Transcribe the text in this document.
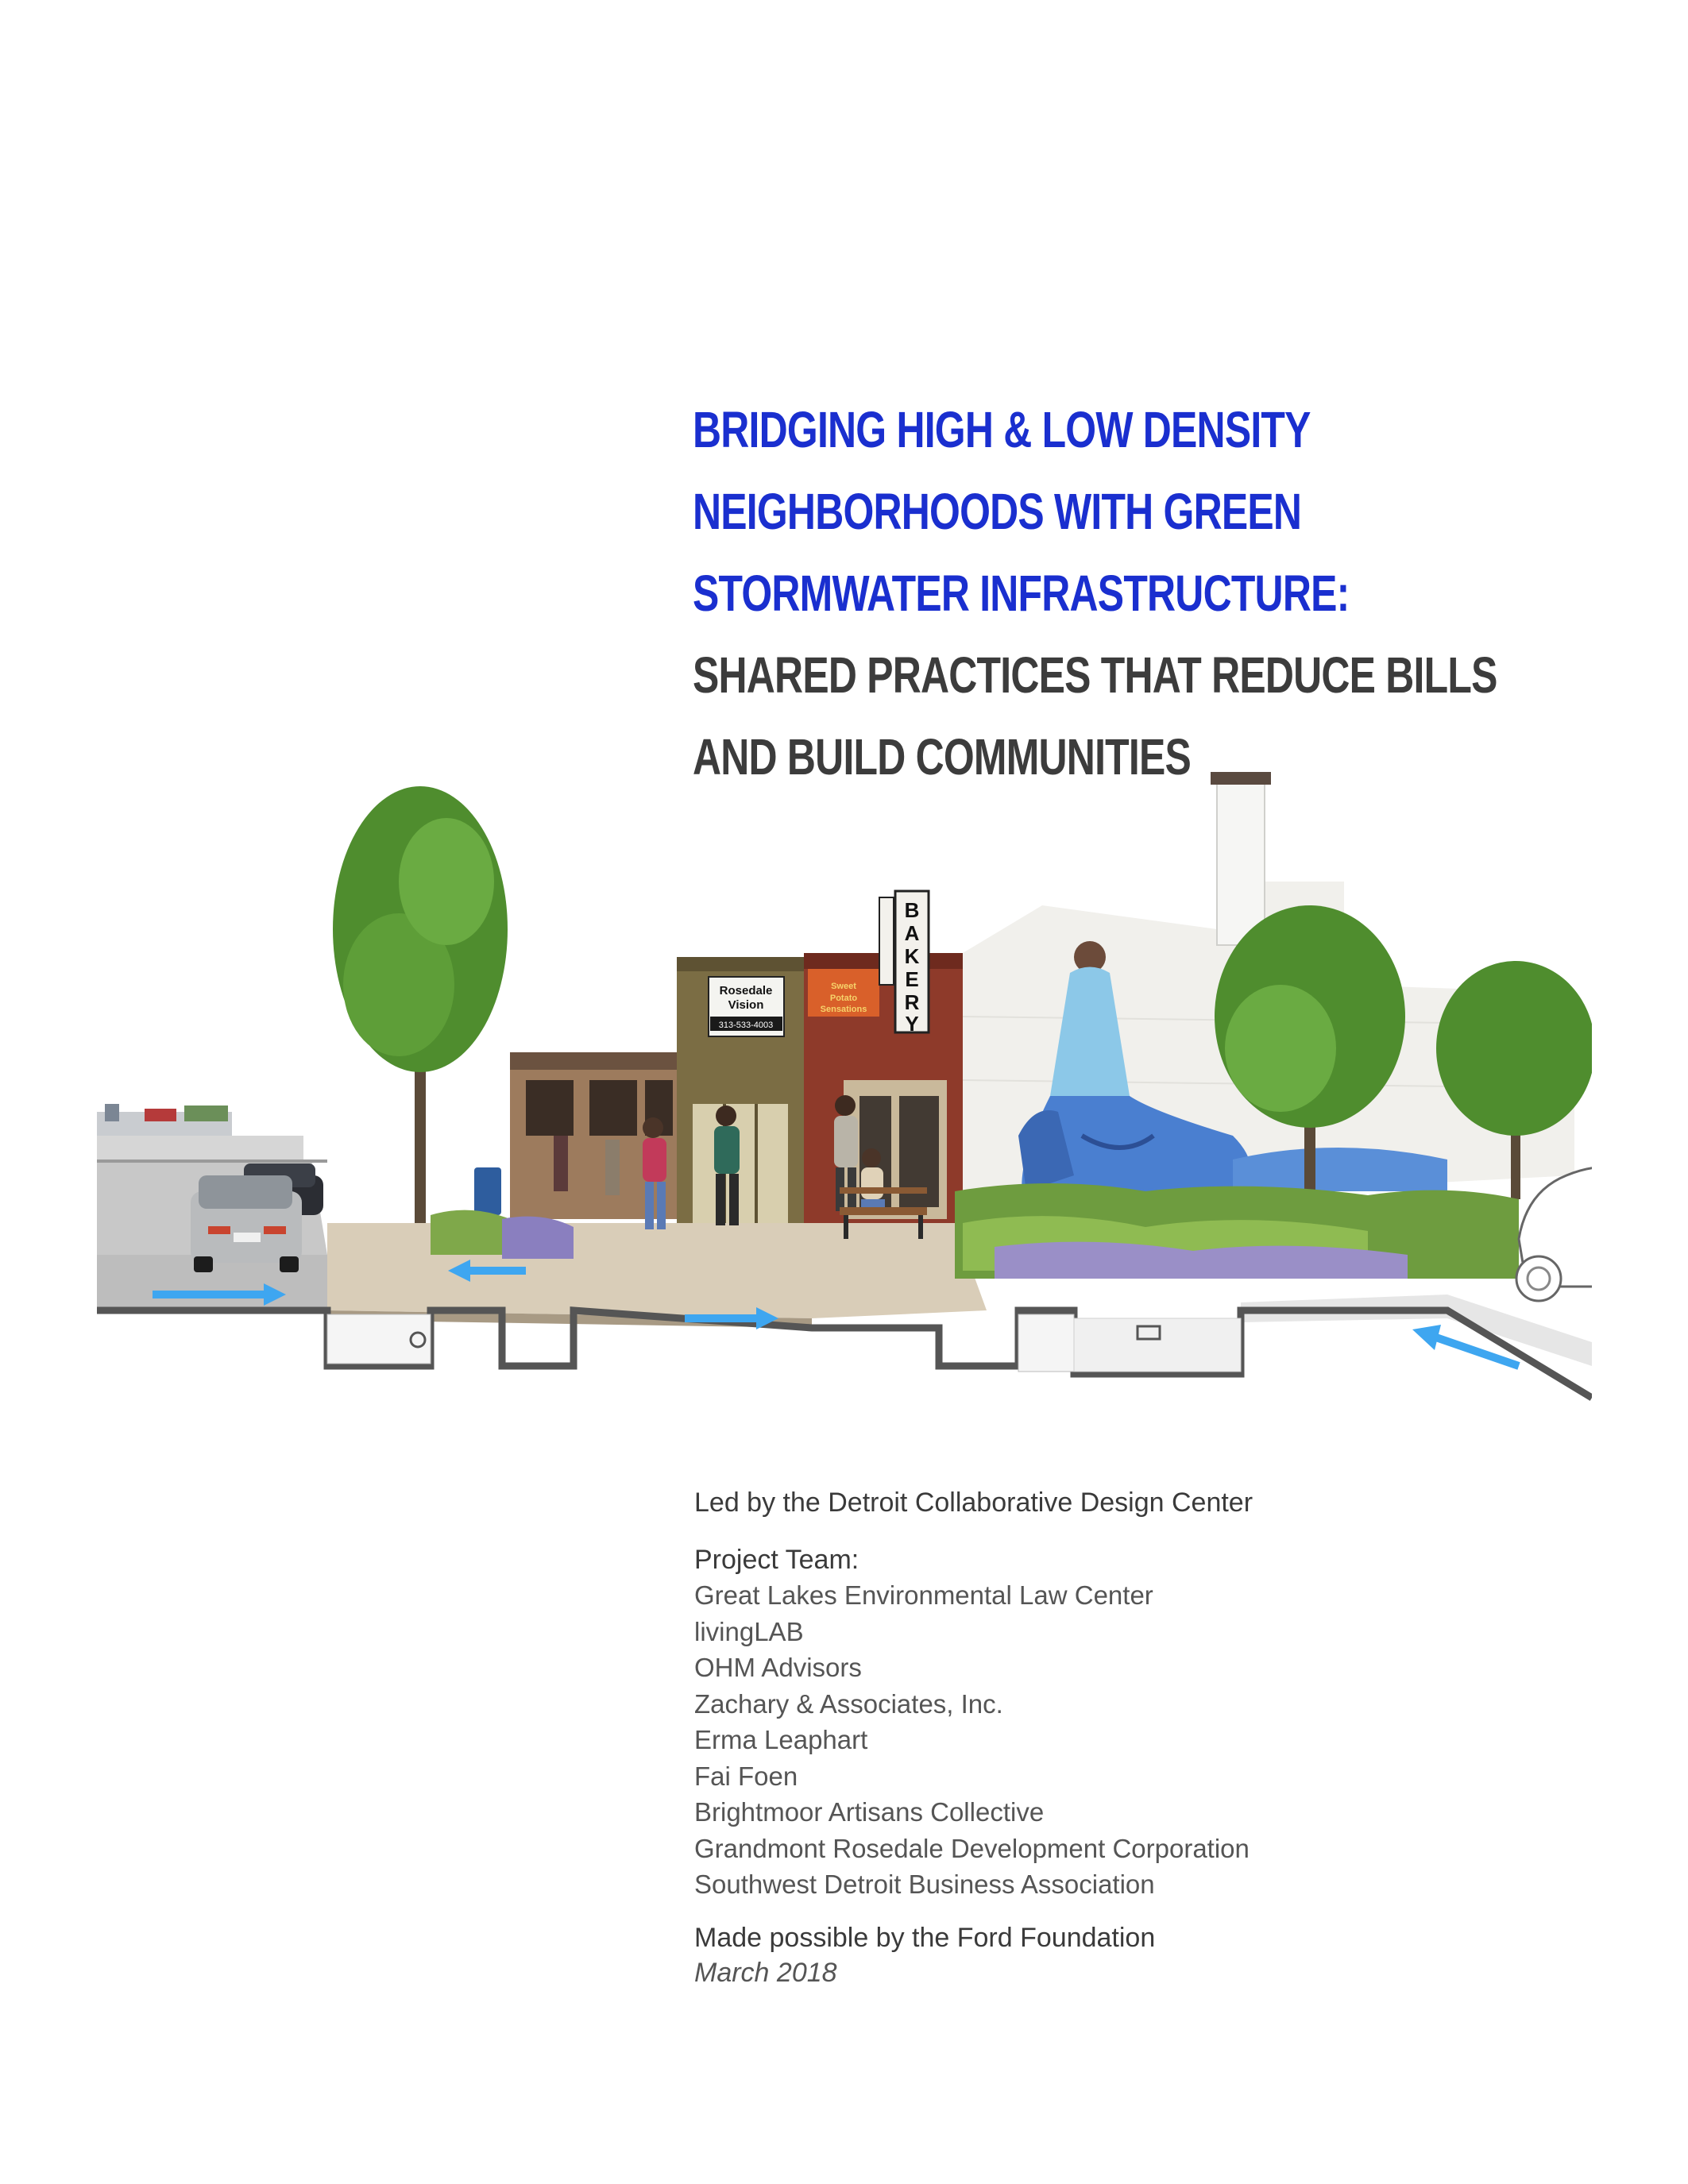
BRIDGING HIGH & LOW DENSITY
NEIGHBORHOODS WITH GREEN
STORMWATER INFRASTRUCTURE:
SHARED PRACTICES THAT REDUCE BILLS
AND BUILD COMMUNITIES
Rosedale
Vision
313-533-4003
Sweet
Potato
Sensations
B
A
K
E
R
Y

Led by the Detroit Collaborative Design Center

Project Team:

Great Lakes Environmental Law Center
livingLAB
OHM Advisors
Zachary & Associates, Inc.
Erma Leaphart
Fai Foen
Brightmoor Artisans Collective
Grandmont Rosedale Development Corporation
Southwest Detroit Business Association

Made possible by the Ford Foundation

March 2018
